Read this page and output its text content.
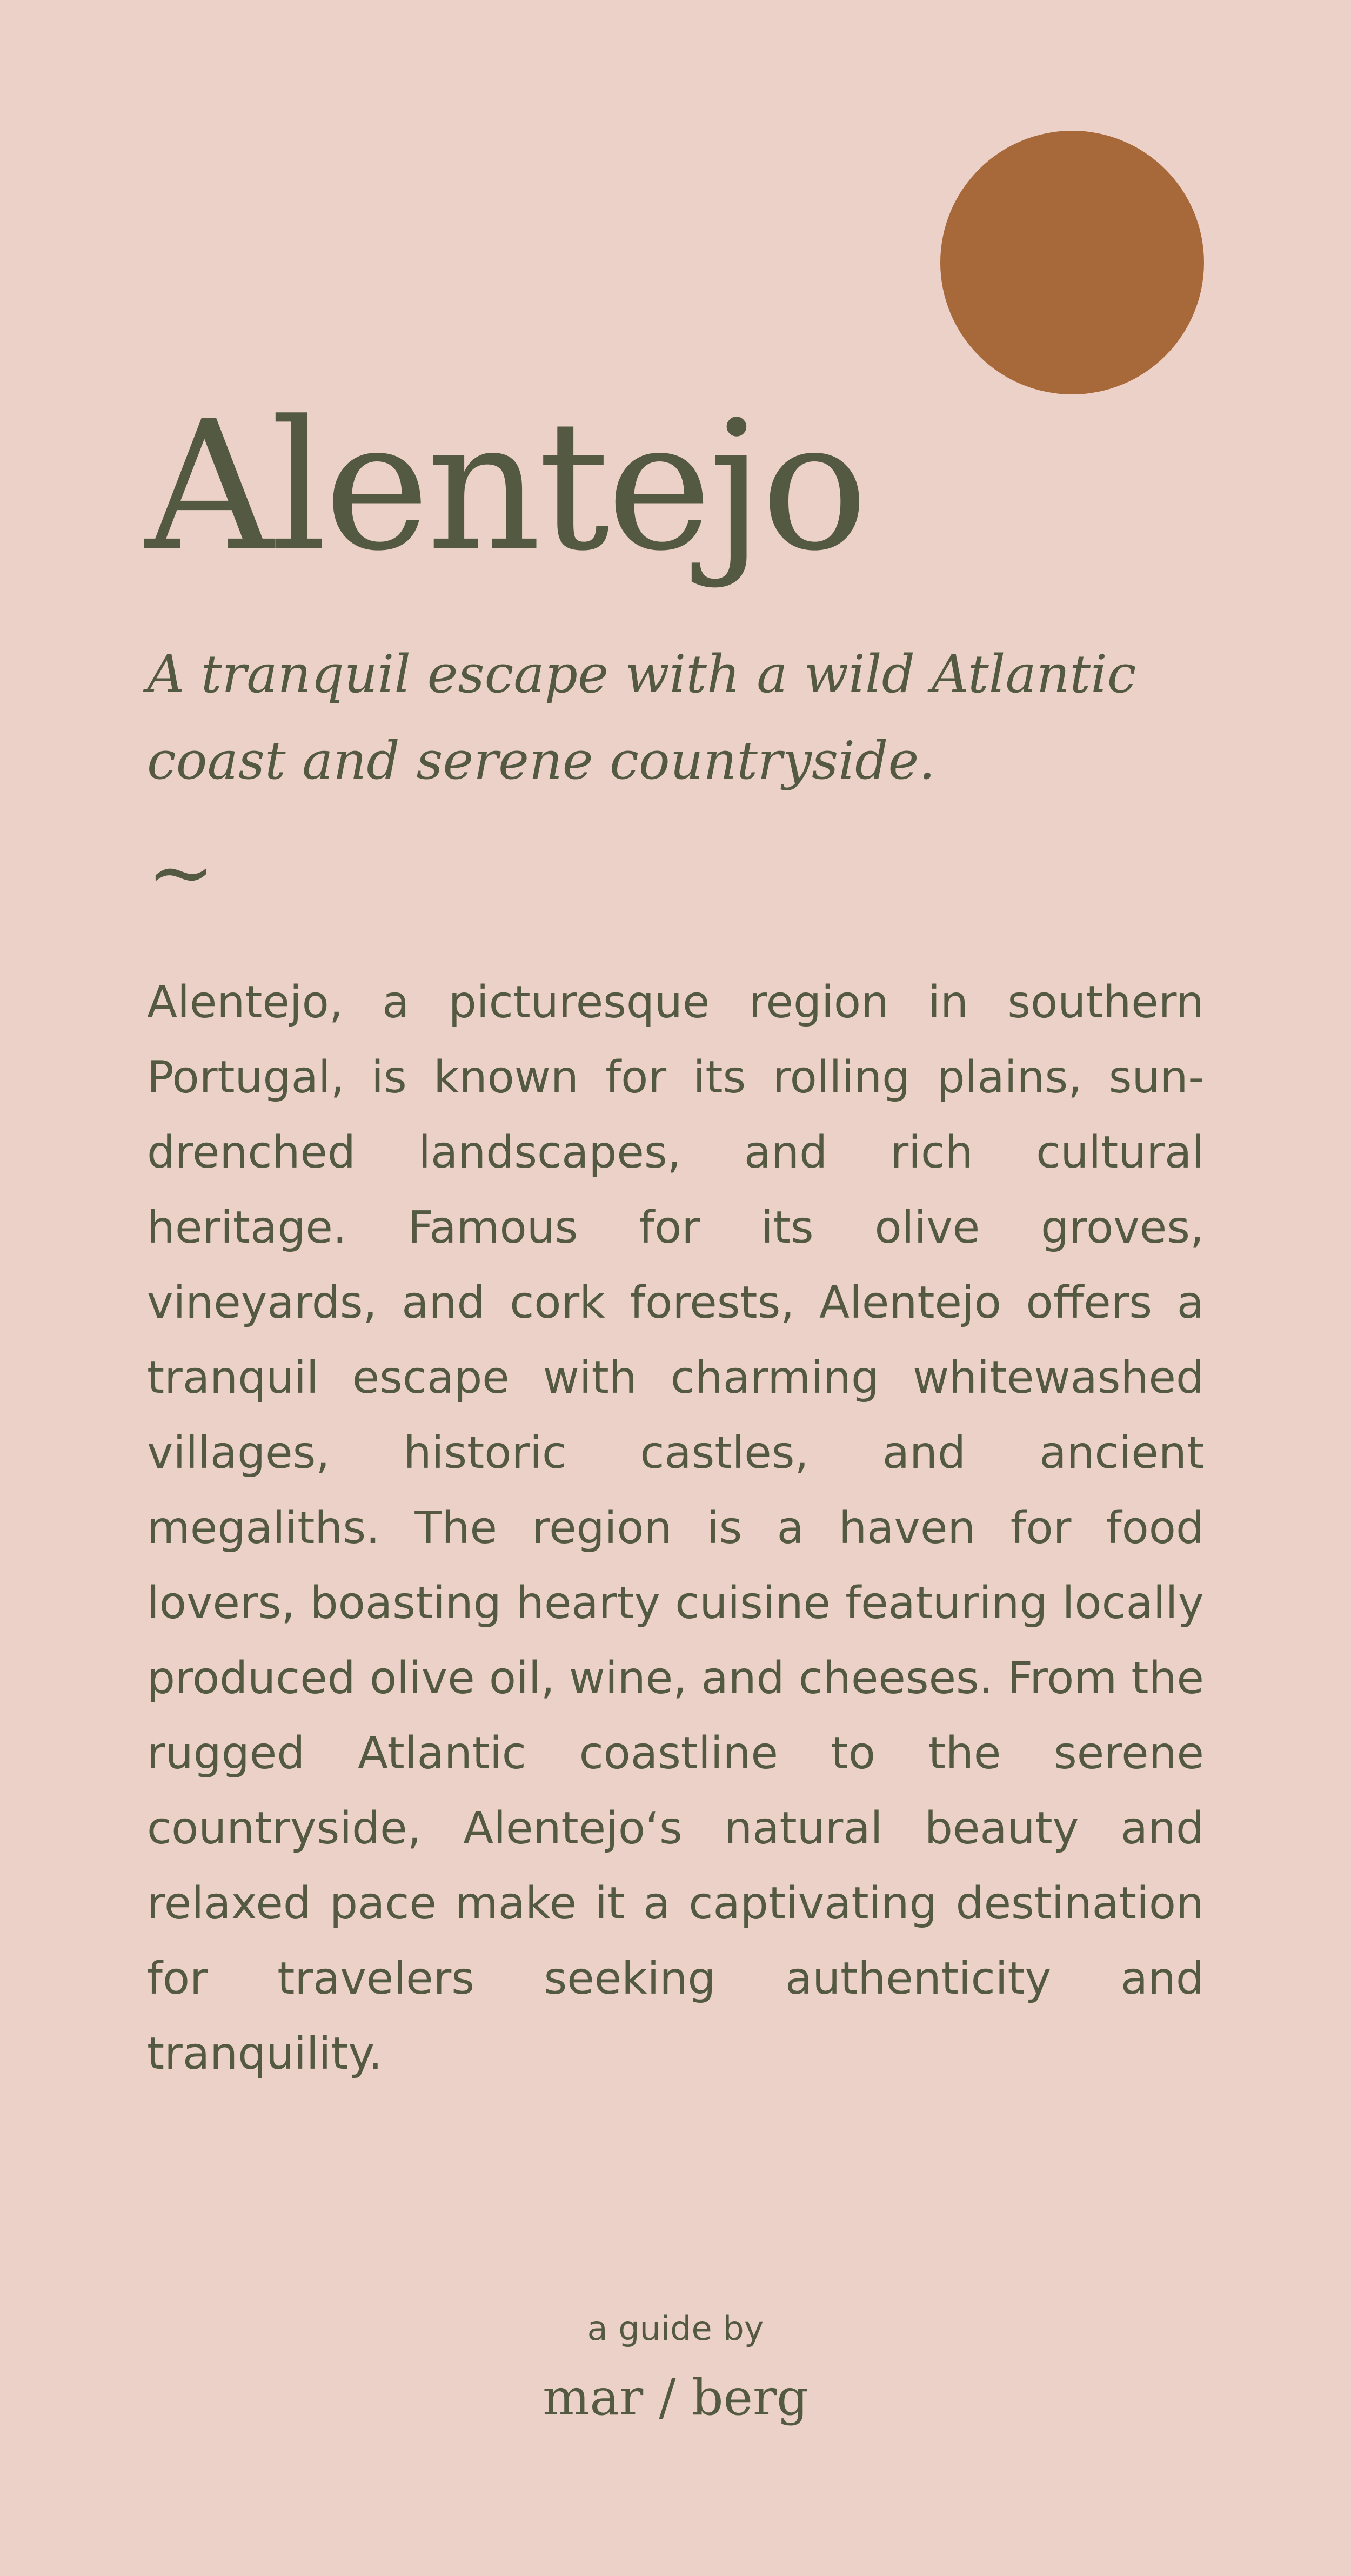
Alentejo

A tranquil escape with a wild Atlantic coast and serene countryside.

~

Alentejo, a picturesque region in southern Portugal, is known for its rolling plains, sun-drenched landscapes, and rich cultural heritage. Famous for its olive groves, vineyards, and cork forests, Alentejo offers a tranquil escape with charming whitewashed villages, historic castles, and ancient megaliths. The region is a haven for food lovers, boasting hearty cuisine featuring locally produced olive oil, wine, and cheeses. From the rugged Atlantic coastline to the serene countryside, Alentejo‘s natural beauty and relaxed pace make it a captivating destination for travelers seeking authenticity and tranquility.

a guide by

mar / berg
